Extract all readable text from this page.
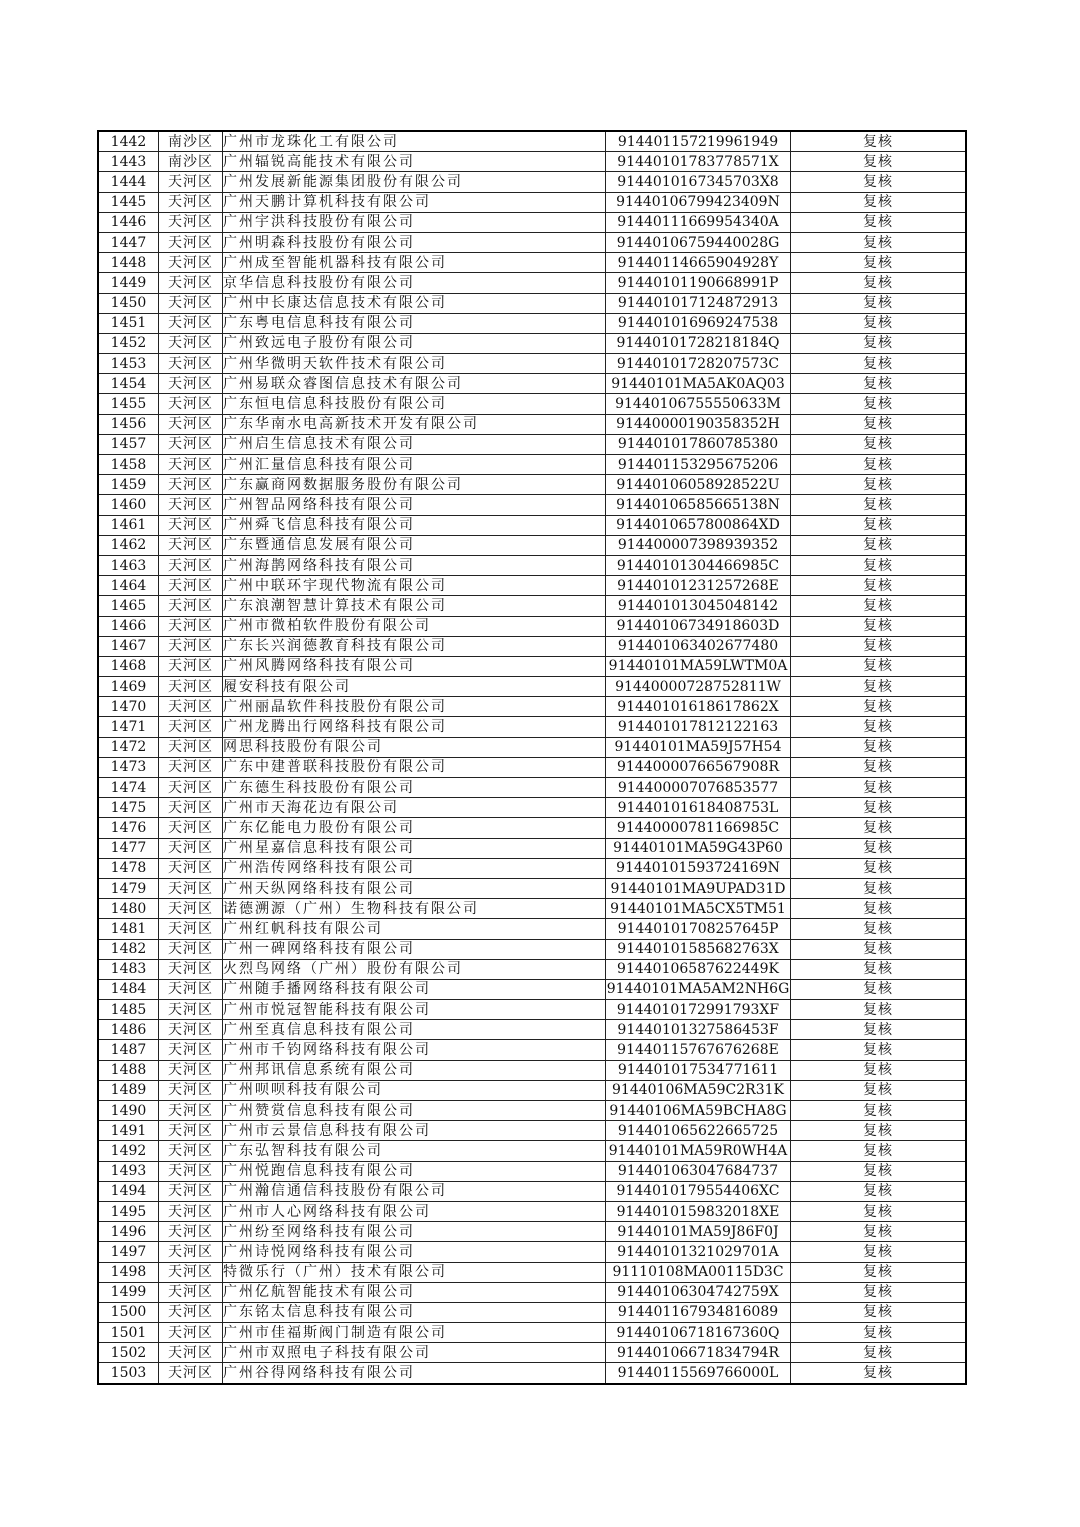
1442	南沙区	广州市龙珠化工有限公司	914401157219961949	复核
1443	南沙区	广州辐锐高能技术有限公司	91440101783778571X	复核
1444	天河区	广州发展新能源集团股份有限公司	9144010167345703X8	复核
1445	天河区	广州天鹏计算机科技有限公司	91440106799423409N	复核
1446	天河区	广州宇洪科技股份有限公司	91440111669954340A	复核
1447	天河区	广州明森科技股份有限公司	91440106759440028G	复核
1448	天河区	广州成至智能机器科技有限公司	91440114665904928Y	复核
1449	天河区	京华信息科技股份有限公司	91440101190668991P	复核
1450	天河区	广州中长康达信息技术有限公司	914401017124872913	复核
1451	天河区	广东粤电信息科技有限公司	914401016969247538	复核
1452	天河区	广州致远电子股份有限公司	91440101728218184Q	复核
1453	天河区	广州华微明天软件技术有限公司	91440101728207573C	复核
1454	天河区	广州易联众睿图信息技术有限公司	91440101MA5AK0AQ03	复核
1455	天河区	广东恒电信息科技股份有限公司	91440106755550633M	复核
1456	天河区	广东华南水电高新技术开发有限公司	91440000190358352H	复核
1457	天河区	广州启生信息技术有限公司	914401017860785380	复核
1458	天河区	广州汇量信息科技有限公司	914401153295675206	复核
1459	天河区	广东赢商网数据服务股份有限公司	91440106058928522U	复核
1460	天河区	广州智品网络科技有限公司	91440106585665138N	复核
1461	天河区	广州舜飞信息科技有限公司	9144010657800864XD	复核
1462	天河区	广东暨通信息发展有限公司	914400007398939352	复核
1463	天河区	广州海鹊网络科技有限公司	91440101304466985C	复核
1464	天河区	广州中联环宇现代物流有限公司	91440101231257268E	复核
1465	天河区	广东浪潮智慧计算技术有限公司	914401013045048142	复核
1466	天河区	广州市微柏软件股份有限公司	91440106734918603D	复核
1467	天河区	广东长兴润德教育科技有限公司	914401063402677480	复核
1468	天河区	广州风腾网络科技有限公司	91440101MA59LWTM0A	复核
1469	天河区	履安科技有限公司	91440000728752811W	复核
1470	天河区	广州丽晶软件科技股份有限公司	91440101618617862X	复核
1471	天河区	广州龙腾出行网络科技有限公司	914401017812122163	复核
1472	天河区	网思科技股份有限公司	91440101MA59J57H54	复核
1473	天河区	广东中建普联科技股份有限公司	91440000766567908R	复核
1474	天河区	广东德生科技股份有限公司	914400007076853577	复核
1475	天河区	广州市天海花边有限公司	91440101618408753L	复核
1476	天河区	广东亿能电力股份有限公司	91440000781166985C	复核
1477	天河区	广州星嘉信息科技有限公司	91440101MA59G43P60	复核
1478	天河区	广州浩传网络科技有限公司	91440101593724169N	复核
1479	天河区	广州天纵网络科技有限公司	91440101MA9UPAD31D	复核
1480	天河区	诺德溯源（广州）生物科技有限公司	91440101MA5CX5TM51	复核
1481	天河区	广州红帆科技有限公司	91440101708257645P	复核
1482	天河区	广州一碑网络科技有限公司	91440101585682763X	复核
1483	天河区	火烈鸟网络（广州）股份有限公司	91440106587622449K	复核
1484	天河区	广州随手播网络科技有限公司	91440101MA5AM2NH6G	复核
1485	天河区	广州市悦冠智能科技有限公司	9144010172991793XF	复核
1486	天河区	广州至真信息科技有限公司	91440101327586453F	复核
1487	天河区	广州市千钧网络科技有限公司	91440115767676268E	复核
1488	天河区	广州邦讯信息系统有限公司	914401017534771611	复核
1489	天河区	广州呗呗科技有限公司	91440106MA59C2R31K	复核
1490	天河区	广州赞赏信息科技有限公司	91440106MA59BCHA8G	复核
1491	天河区	广州市云景信息科技有限公司	914401065622665725	复核
1492	天河区	广东弘智科技有限公司	91440101MA59R0WH4A	复核
1493	天河区	广州悦跑信息科技有限公司	914401063047684737	复核
1494	天河区	广州瀚信通信科技股份有限公司	9144010179554406XC	复核
1495	天河区	广州市人心网络科技有限公司	9144010159832018XE	复核
1496	天河区	广州纷至网络科技有限公司	91440101MA59J86F0J	复核
1497	天河区	广州诗悦网络科技有限公司	91440101321029701A	复核
1498	天河区	特微乐行（广州）技术有限公司	91110108MA00115D3C	复核
1499	天河区	广州亿航智能技术有限公司	91440106304742759X	复核
1500	天河区	广东铭太信息科技有限公司	914401167934816089	复核
1501	天河区	广州市佳福斯阀门制造有限公司	91440106718167360Q	复核
1502	天河区	广州市双照电子科技有限公司	91440106671834794R	复核
1503	天河区	广州谷得网络科技有限公司	91440115569766000L	复核
